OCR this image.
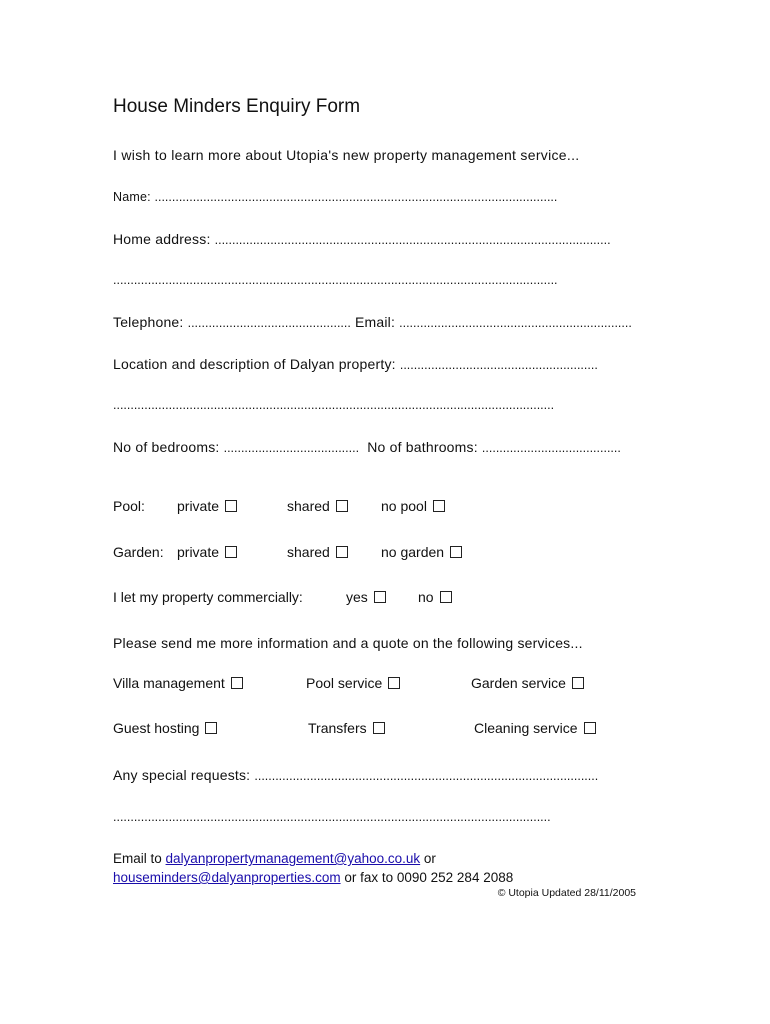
House Minders Enquiry Form
I wish to learn more about Utopia's new property management service...
Name: ....................................................................................................................
Home address: ..................................................................................................................
................................................................................................................................
Telephone: ............................................... Email: ...................................................................
Location and description of Dalyan property: .........................................................
...............................................................................................................................
No of bedrooms: ....................................... No of bathrooms: ........................................
Pool: private	shared	no pool
Garden: private	shared	no garden
I let my property commercially:	yes	no
Please send me more information and a quote on the following services...
Villa management	Pool service	Garden service
Guest hosting	Transfers	Cleaning service
Any special requests: ...................................................................................................
..............................................................................................................................
Email to dalyanpropertymanagement@yahoo.co.uk or
houseminders@dalyanproperties.com or fax to 0090 252 284 2088
© Utopia Updated 28/11/2005
